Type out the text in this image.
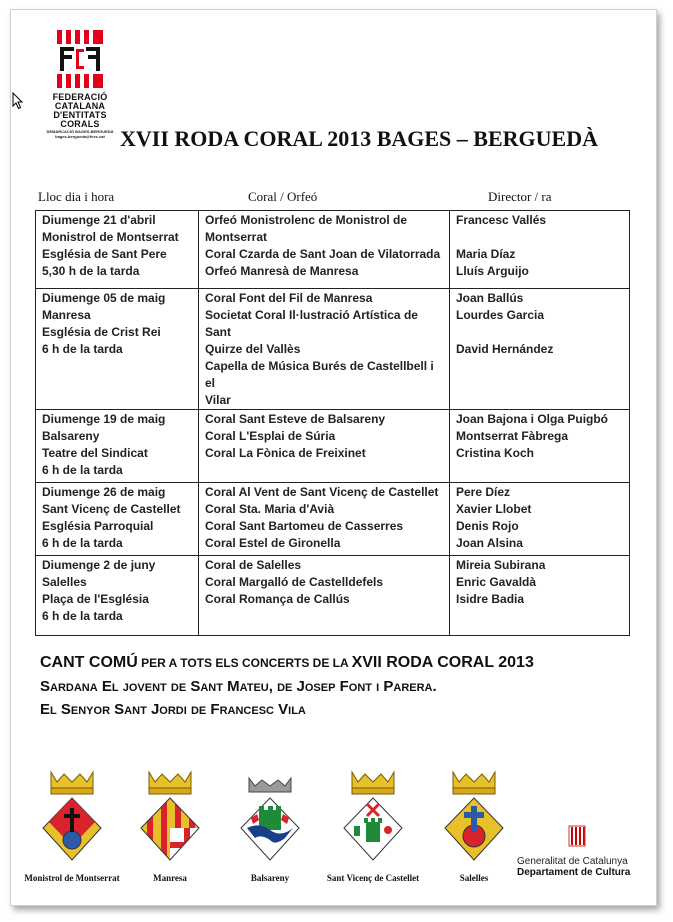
FEDERACIÓ
CATALANA
D'ENTITATS
CORALS
DEMARCACIÓ BAGES-BERGUEDÀ
bages-bergueda@fcec.cat XVII RODA CORAL 2013 BAGES – BERGUEDÀ
Lloc dia i hora	Coral / Orfeó	Director / ra
Diumenge 21 d'abril
Monistrol de Montserrat
Església de Sant Pere
5,30 h de la tarda	Orfeó Monistrolenc de Monistrol de
Montserrat
Coral Czarda de Sant Joan de Vilatorrada
Orfeó Manresà de Manresa	Francesc Vallés
Maria Díaz
Lluís Arguijo

Diumenge 05 de maig
Manresa
Església de Crist Rei
6 h de la tarda	Coral Font del Fil de Manresa
Societat Coral Il·lustració Artística de Sant
Quirze del Vallès
Capella de Música Burés de Castellbell i el
Vilar	Joan Ballús
Lourdes Garcia
David Hernández

Diumenge 19 de maig
Balsareny
Teatre del Sindicat
6 h de la tarda	Coral Sant Esteve de Balsareny
Coral L'Esplai de Súria
Coral La Fònica de Freixinet	Joan Bajona i Olga Puigbó
Montserrat Fàbrega
Cristina Koch

Diumenge 26 de maig
Sant Vicenç de Castellet
Església Parroquial
6 h de la tarda	Coral Al Vent de Sant Vicenç de Castellet
Coral Sta. Maria d'Avià
Coral Sant Bartomeu de Casserres
Coral Estel de Gironella	Pere Díez
Xavier Llobet
Denis Rojo
Joan Alsina

Diumenge 2 de juny
Salelles
Plaça de l'Església
6 h de la tarda	Coral de Salelles
Coral Margalló de Castelldefels
Coral Romança de Callús	Mireia Subirana
Enric Gavaldà
Isidre Badia
CANT COMÚ PER A TOTS ELS CONCERTS DE LA XVII RODA CORAL 2013
Sardana El jovent de Sant Mateu, de Josep Font i Parera.
El Senyor Sant Jordi de Francesc Vila
Monistrol de Montserrat	Manresa	Balsareny	Sant Vicenç de Castellet	Salelles
Generalitat de Catalunya
Departament de Cultura
